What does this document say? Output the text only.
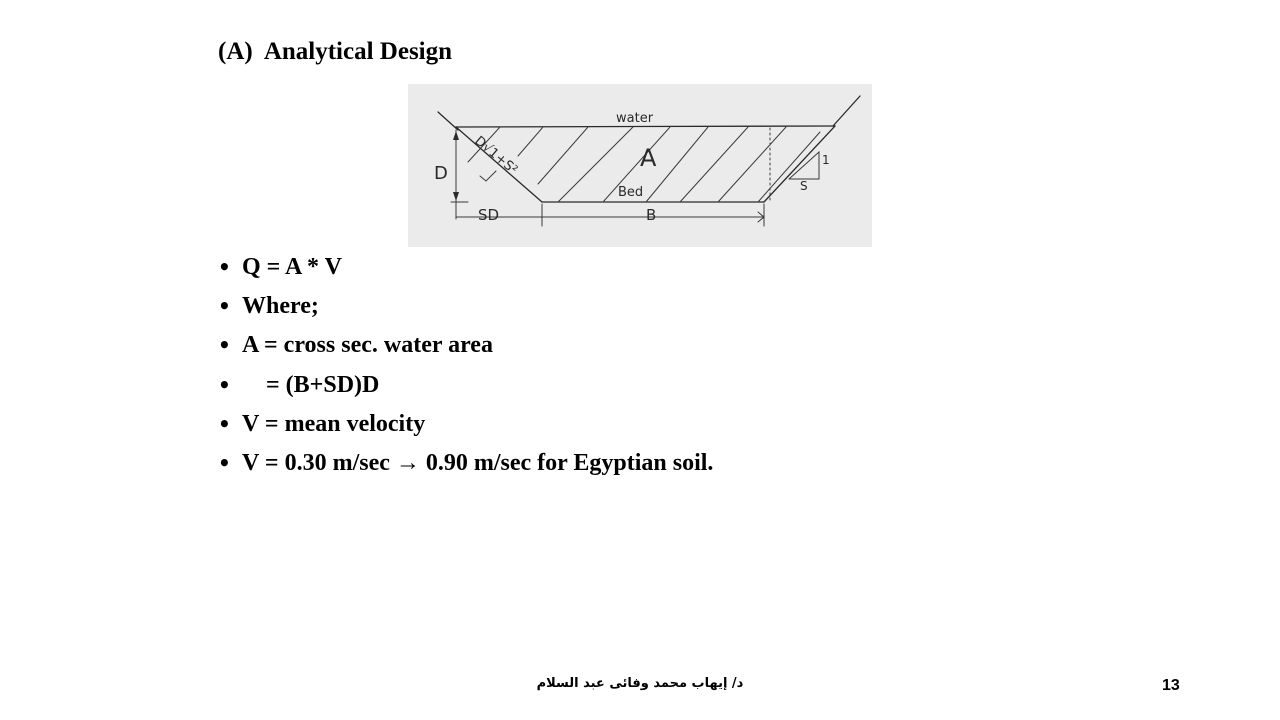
(A)  Analytical Design
water
A
Bed
D D√1+S²
SD	B
1
S
• Q = A * V
• Where;
• A = cross sec. water area
•    = (B+SD)D
• V = mean velocity
• V = 0.30 m/sec → 0.90 m/sec for Egyptian soil.
د/ إيهاب محمد وفائى عبد السلام	13
